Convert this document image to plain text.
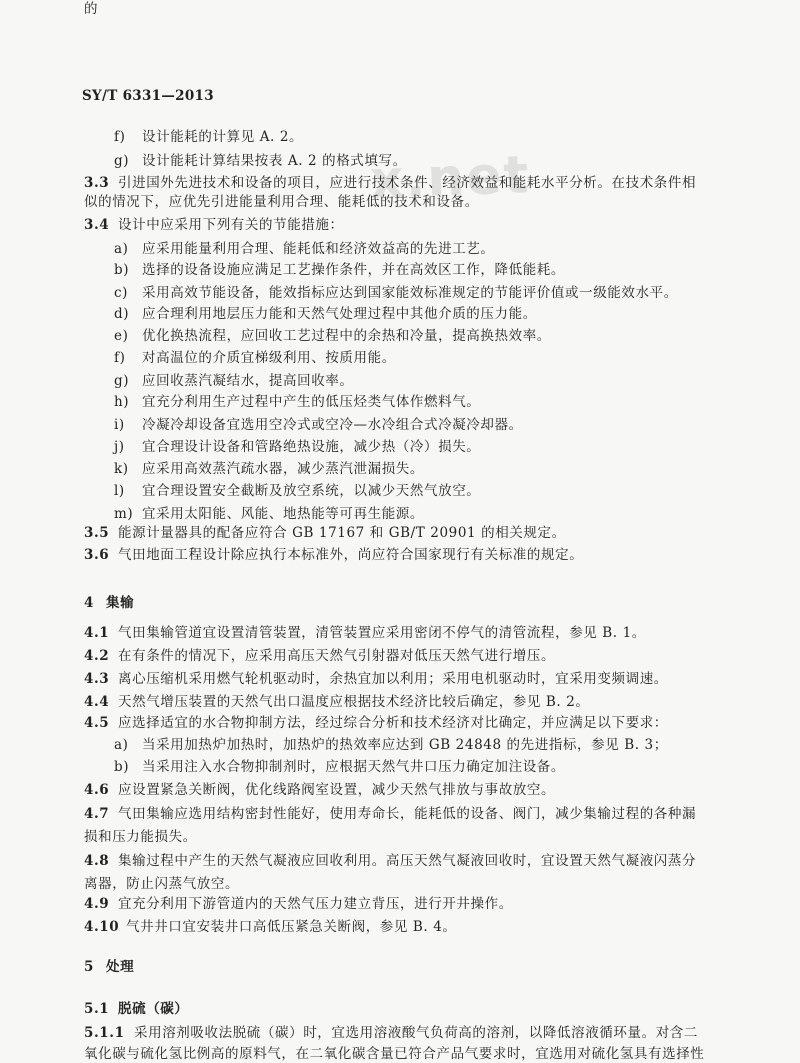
x.net
SY/T 6331—2013
f) 设计能耗的计算见 A. 2。
g) 设计能耗计算结果按表 A. 2 的格式填写。
3.3 引进国外先进技术和设备的项目，应进行技术条件、经济效益和能耗水平分析。在技术条件相
似的情况下，应优先引进能量利用合理、能耗低的技术和设备。
3.4 设计中应采用下列有关的节能措施：
a) 应采用能量利用合理、能耗低和经济效益高的先进工艺。
b) 选择的设备设施应满足工艺操作条件，并在高效区工作，降低能耗。
c) 采用高效节能设备，能效指标应达到国家能效标准规定的节能评价值或一级能效水平。
d) 应合理利用地层压力能和天然气处理过程中其他介质的压力能。
e) 优化换热流程，应回收工艺过程中的余热和冷量，提高换热效率。
f) 对高温位的介质宜梯级利用、按质用能。
g) 应回收蒸汽凝结水，提高回收率。
h) 宜充分利用生产过程中产生的低压烃类气体作燃料气。
i) 冷凝冷却设备宜选用空冷式或空冷—水冷组合式冷凝冷却器。
j) 宜合理设计设备和管路绝热设施，减少热（冷）损失。
k) 应采用高效蒸汽疏水器，减少蒸汽泄漏损失。
l) 宜合理设置安全截断及放空系统，以减少天然气放空。
m) 宜采用太阳能、风能、地热能等可再生能源。
3.5 能源计量器具的配备应符合 GB 17167 和 GB/T 20901 的相关规定。
3.6 气田地面工程设计除应执行本标准外，尚应符合国家现行有关标准的规定。
4 集输
4.1 气田集输管道宜设置清管装置，清管装置应采用密闭不停气的清管流程，参见 B. 1。
4.2 在有条件的情况下，应采用高压天然气引射器对低压天然气进行增压。
4.3 离心压缩机采用燃气轮机驱动时，余热宜加以利用；采用电机驱动时，宜采用变频调速。
4.4 天然气增压装置的天然气出口温度应根据技术经济比较后确定，参见 B. 2。
4.5 应选择适宜的水合物抑制方法，经过综合分析和技术经济对比确定，并应满足以下要求：
a) 当采用加热炉加热时，加热炉的热效率应达到 GB 24848 的先进指标，参见 B. 3；
b) 当采用注入水合物抑制剂时，应根据天然气井口压力确定加注设备。
4.6 应设置紧急关断阀，优化线路阀室设置，减少天然气排放与事故放空。
4.7 气田集输应选用结构密封性能好，使用寿命长，能耗低的设备、阀门，减少集输过程的各种漏
损和压力能损失。
4.8 集输过程中产生的天然气凝液应回收利用。高压天然气凝液回收时，宜设置天然气凝液闪蒸分
离器，防止闪蒸气放空。
4.9 宜充分利用下游管道内的天然气压力建立背压，进行开井操作。
4.10 气井井口宜安装井口高低压紧急关断阀，参见 B. 4。
5 处理
5.1 脱硫（碳）
5.1.1 采用溶剂吸收法脱硫（碳）时，宜选用溶液酸气负荷高的溶剂，以降低溶液循环量。对含二
氧化碳与硫化氢比例高的原料气，在二氧化碳含量已符合产品气要求时，宜选用对硫化氢具有选择性
的
